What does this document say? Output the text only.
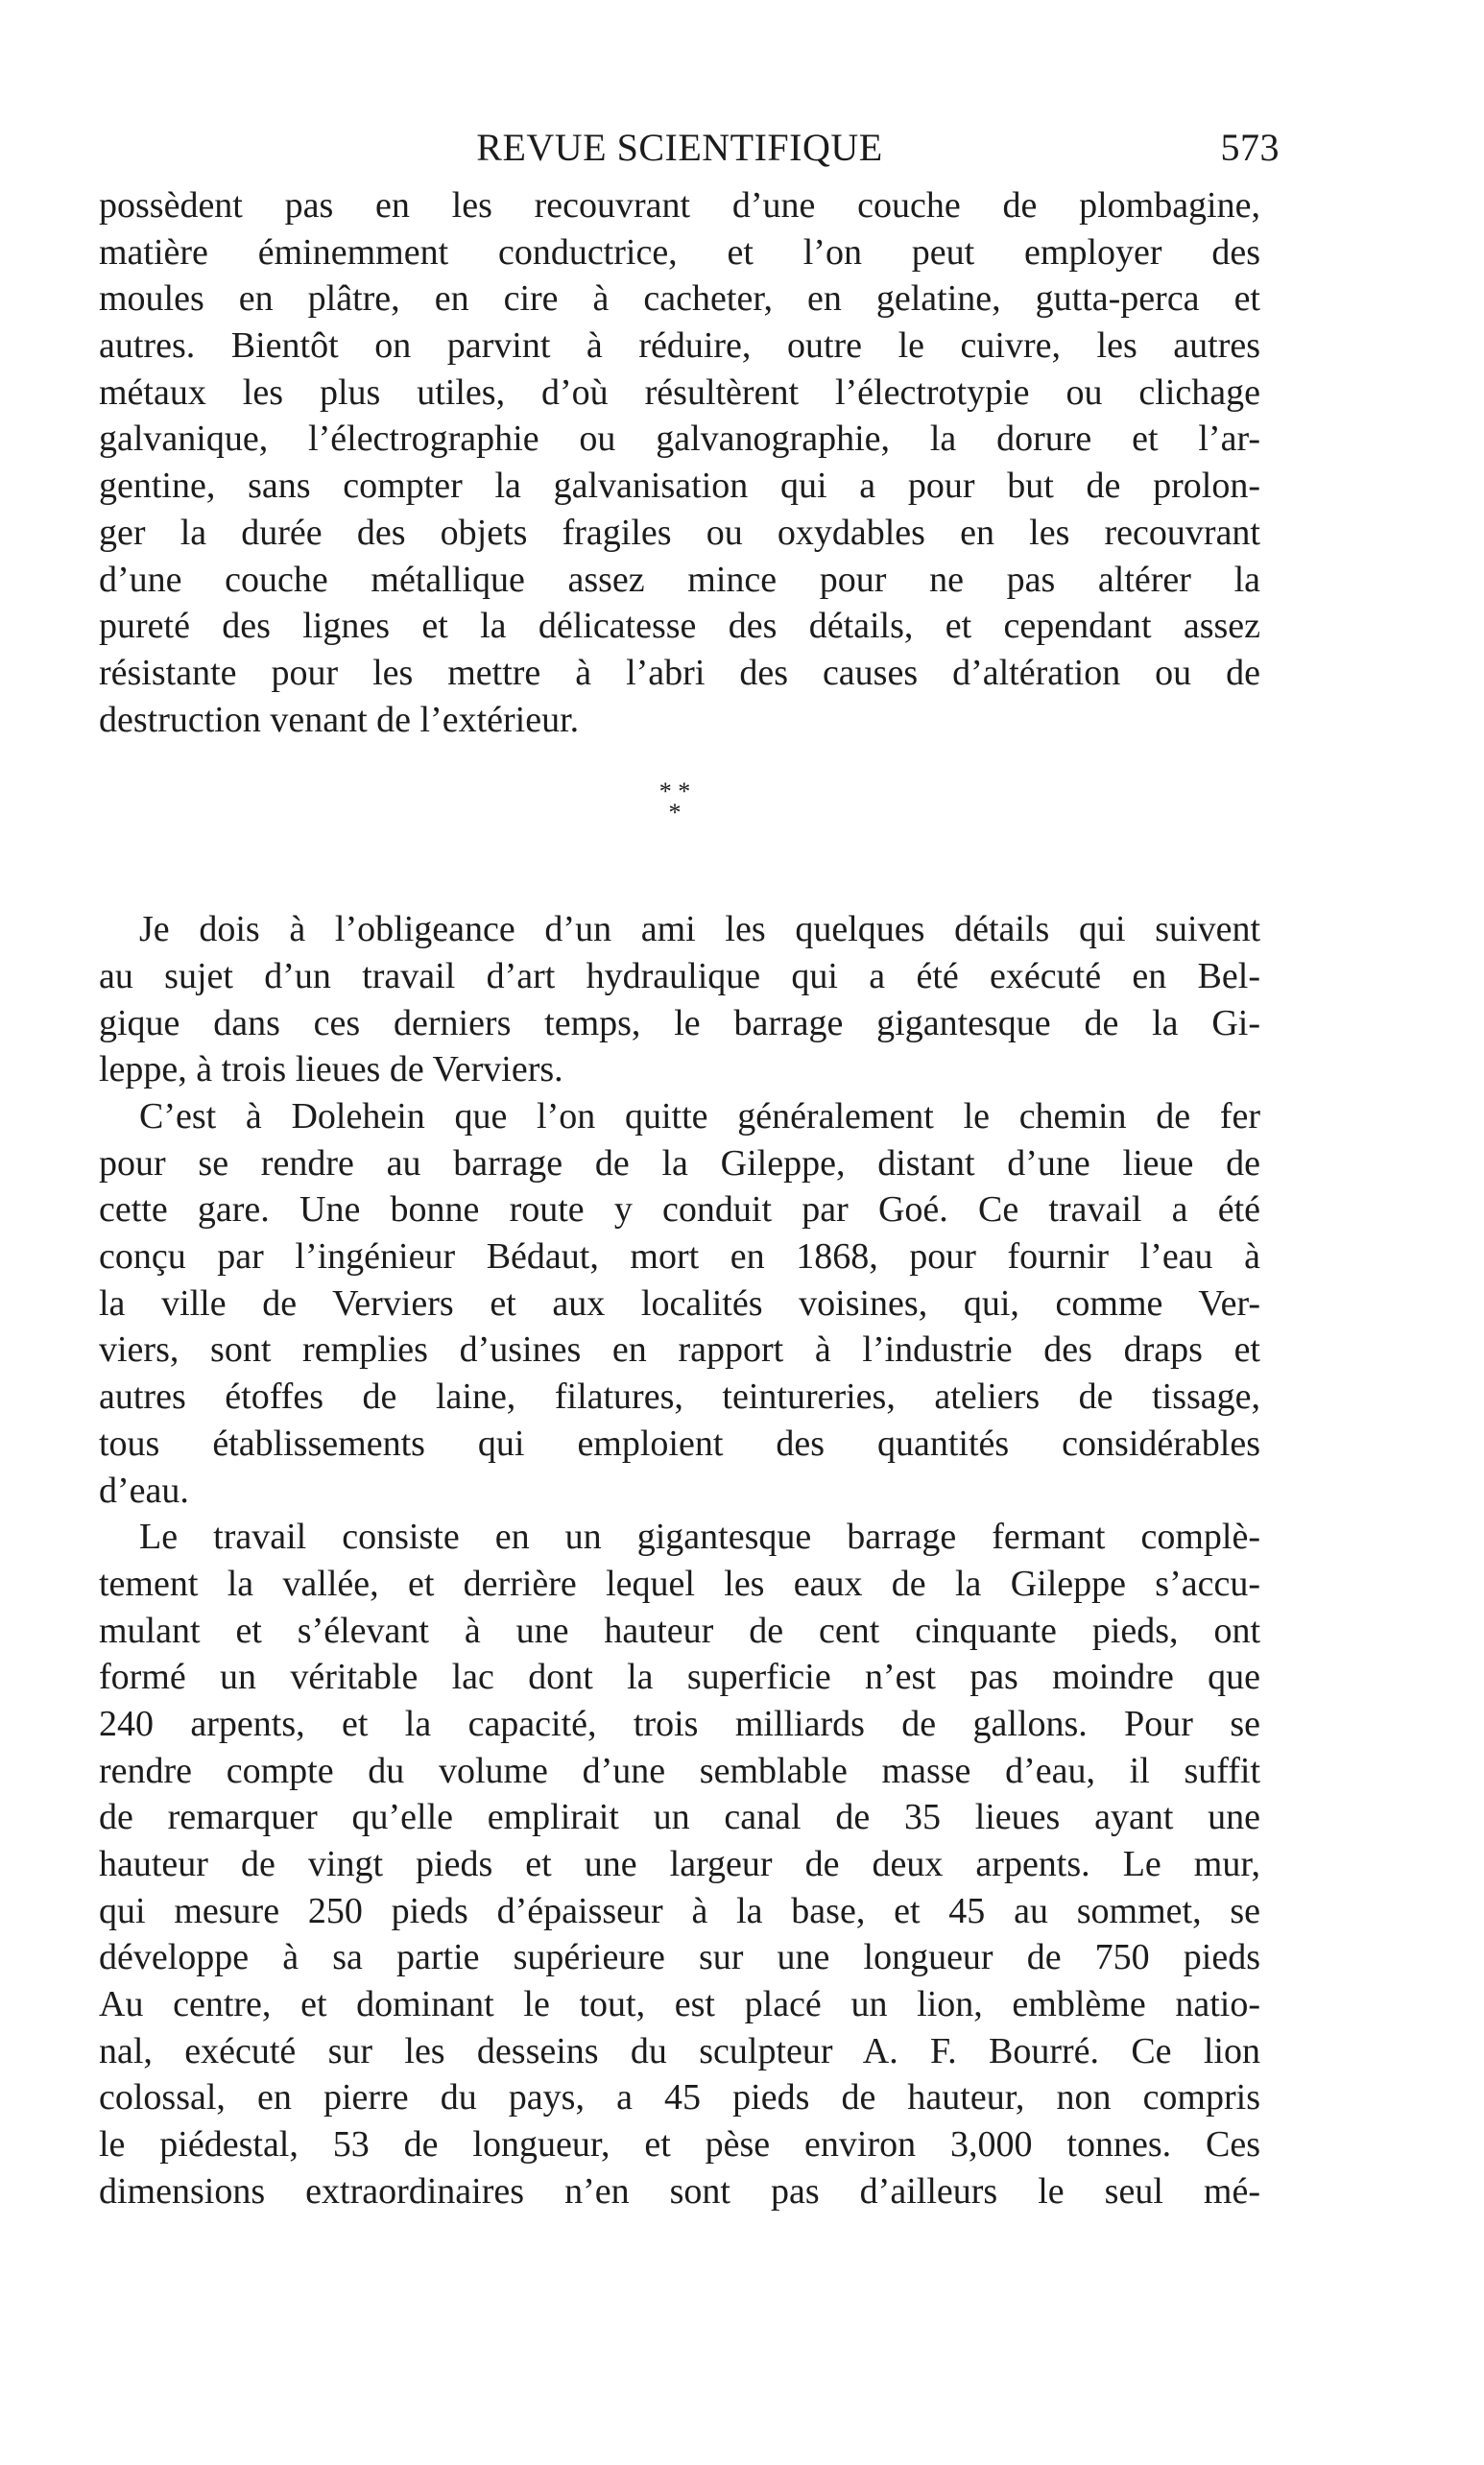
REVUE SCIENTIFIQUE	573
possèdent pas en les recouvrant d’une couche de plombagine,
matière éminemment conductrice, et l’on peut employer des
moules en plâtre, en cire à cacheter, en gelatine, gutta-perca et
autres. Bientôt on parvint à réduire, outre le cuivre, les autres
métaux les plus utiles, d’où résultèrent l’électrotypie ou clichage
galvanique, l’électrographie ou galvanographie, la dorure et l’ar-
gentine, sans compter la galvanisation qui a pour but de prolon-
ger la durée des objets fragiles ou oxydables en les recouvrant
d’une couche métallique assez mince pour ne pas altérer la
pureté des lignes et la délicatesse des détails, et cependant assez
résistante pour les mettre à l’abri des causes d’altération ou de
destruction venant de l’extérieur.
* *
*
Je dois à l’obligeance d’un ami les quelques détails qui suivent
au sujet d’un travail d’art hydraulique qui a été exécuté en Bel-
gique dans ces derniers temps, le barrage gigantesque de la Gi-
leppe, à trois lieues de Verviers.
C’est à Dolehein que l’on quitte généralement le chemin de fer
pour se rendre au barrage de la Gileppe, distant d’une lieue de
cette gare. Une bonne route y conduit par Goé. Ce travail a été
conçu par l’ingénieur Bédaut, mort en 1868, pour fournir l’eau à
la ville de Verviers et aux localités voisines, qui, comme Ver-
viers, sont remplies d’usines en rapport à l’industrie des draps et
autres étoffes de laine, filatures, teintureries, ateliers de tissage,
tous établissements qui emploient des quantités considérables
d’eau.
Le travail consiste en un gigantesque barrage fermant complè-
tement la vallée, et derrière lequel les eaux de la Gileppe s’accu-
mulant et s’élevant à une hauteur de cent cinquante pieds, ont
formé un véritable lac dont la superficie n’est pas moindre que
240 arpents, et la capacité, trois milliards de gallons. Pour se
rendre compte du volume d’une semblable masse d’eau, il suffit
de remarquer qu’elle emplirait un canal de 35 lieues ayant une
hauteur de vingt pieds et une largeur de deux arpents. Le mur,
qui mesure 250 pieds d’épaisseur à la base, et 45 au sommet, se
développe à sa partie supérieure sur une longueur de 750 pieds
Au centre, et dominant le tout, est placé un lion, emblème natio-
nal, exécuté sur les desseins du sculpteur A. F. Bourré. Ce lion
colossal, en pierre du pays, a 45 pieds de hauteur, non compris
le piédestal, 53 de longueur, et pèse environ 3,000 tonnes. Ces
dimensions extraordinaires n’en sont pas d’ailleurs le seul mé-
